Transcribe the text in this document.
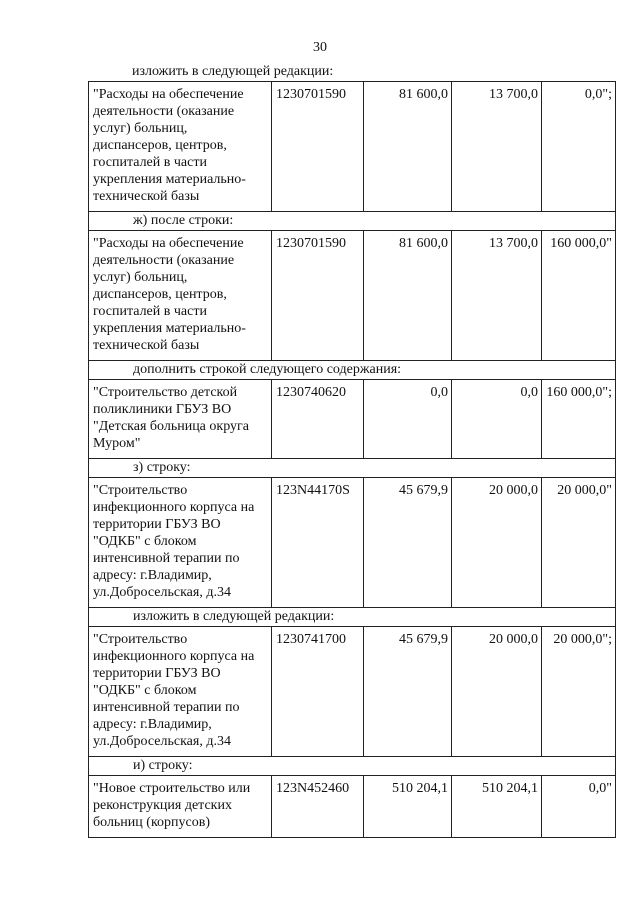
30
изложить в следующей редакции:
"Расходы на обеспечение деятельности (оказание услуг) больниц, диспансеров, центров, госпиталей в части укрепления материально-технической базы	1230701590	81 600,0	13 700,0	0,0";
ж) после строки:
"Расходы на обеспечение деятельности (оказание услуг) больниц, диспансеров, центров, госпиталей в части укрепления материально-технической базы	1230701590	81 600,0	13 700,0	160 000,0"
дополнить строкой следующего содержания:
"Строительство детской поликлиники ГБУЗ ВО "Детская больница округа Муром"	1230740620	0,0	0,0	160 000,0";
з) строку:
"Строительство инфекционного корпуса на территории ГБУЗ ВО "ОДКБ" с блоком интенсивной терапии по адресу: г.Владимир, ул.Добросельская, д.34	123N44170S	45 679,9	20 000,0	20 000,0"
изложить в следующей редакции:
"Строительство инфекционного корпуса на территории ГБУЗ ВО "ОДКБ" с блоком интенсивной терапии по адресу: г.Владимир, ул.Добросельская, д.34	1230741700	45 679,9	20 000,0	20 000,0";
и) строку:
"Новое строительство или реконструкция детских больниц (корпусов)	123N452460	510 204,1	510 204,1	0,0"
